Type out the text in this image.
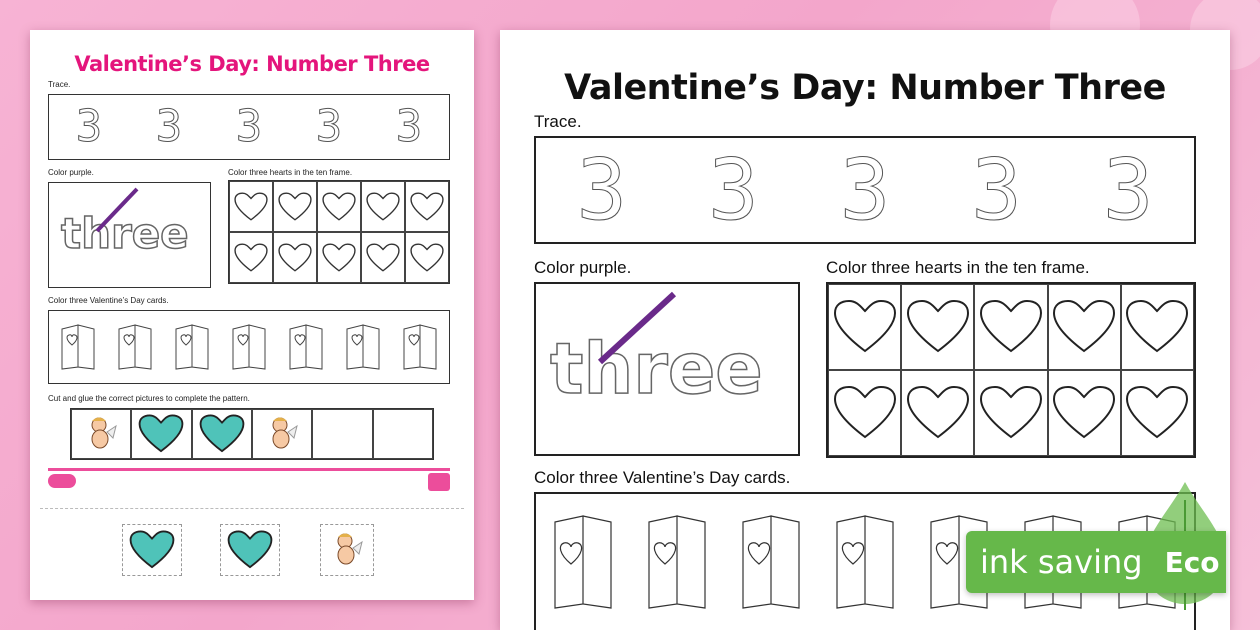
Valentine’s Day: Number Three
Trace.
3 3 3 3 3
Color purple.
three
Color three hearts in the ten frame.
Color three Valentine’s Day cards.
Cut and glue the correct pictures to complete the pattern.
Valentine’s Day: Number Three
Trace.
3 3 3 3 3
Color purple.
three
Color three hearts in the ten frame.
Color three Valentine’s Day cards.
ink saving Eco
